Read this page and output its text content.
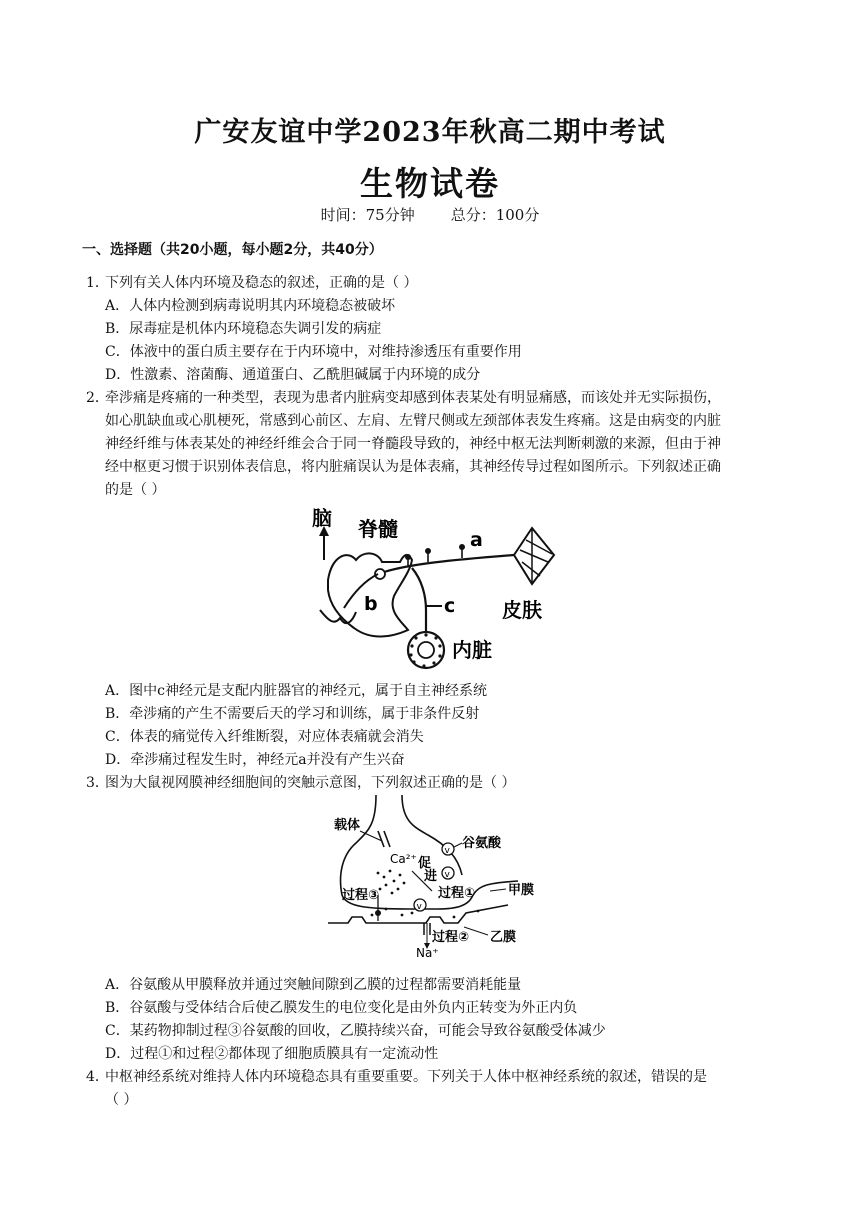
广安友谊中学2023年秋高二期中考试
生物试卷
时间：75分钟 总分：100分
一、选择题（共20小题，每小题2分，共40分）
1．
下列有关人体内环境及稳态的叙述，正确的是（ ）
A．人体内检测到病毒说明其内环境稳态被破坏
B．尿毒症是机体内环境稳态失调引发的病症
C．体液中的蛋白质主要存在于内环境中，对维持渗透压有重要作用
D．性激素、溶菌酶、通道蛋白、乙酰胆碱属于内环境的成分
2．
牵涉痛是疼痛的一种类型，表现为患者内脏病变却感到体表某处有明显痛感，而该处并无实际损伤，
如心肌缺血或心肌梗死，常感到心前区、左肩、左臂尺侧或左颈部体表发生疼痛。这是由病变的内脏
神经纤维与体表某处的神经纤维会合于同一脊髓段导致的，神经中枢无法判断刺激的来源，但由于神
经中枢更习惯于识别体表信息，将内脏痛误认为是体表痛，其神经传导过程如图所示。下列叙述正确
的是（ ）
脑 脊髓
b
a
皮肤
c
内脏
A．图中c神经元是支配内脏器官的神经元，属于自主神经系统
B．牵涉痛的产生不需要后天的学习和训练，属于非条件反射
C．体表的痛觉传入纤维断裂，对应体表痛就会消失
D．牵涉痛过程发生时，神经元a并没有产生兴奋
3．
图为大鼠视网膜神经细胞间的突触示意图，下列叙述正确的是（ ）
载体
谷氨酸
v
v
Ca²⁺ 促
进
过程①
v
过程③	甲膜
过程② 乙膜
Na⁺
A．谷氨酸从甲膜释放并通过突触间隙到乙膜的过程都需要消耗能量
B．谷氨酸与受体结合后使乙膜发生的电位变化是由外负内正转变为外正内负
C．某药物抑制过程③谷氨酸的回收，乙膜持续兴奋，可能会导致谷氨酸受体减少
D．过程①和过程②都体现了细胞质膜具有一定流动性
4．
中枢神经系统对维持人体内环境稳态具有重要重要。下列关于人体中枢神经系统的叙述，错误的是
（ ）
